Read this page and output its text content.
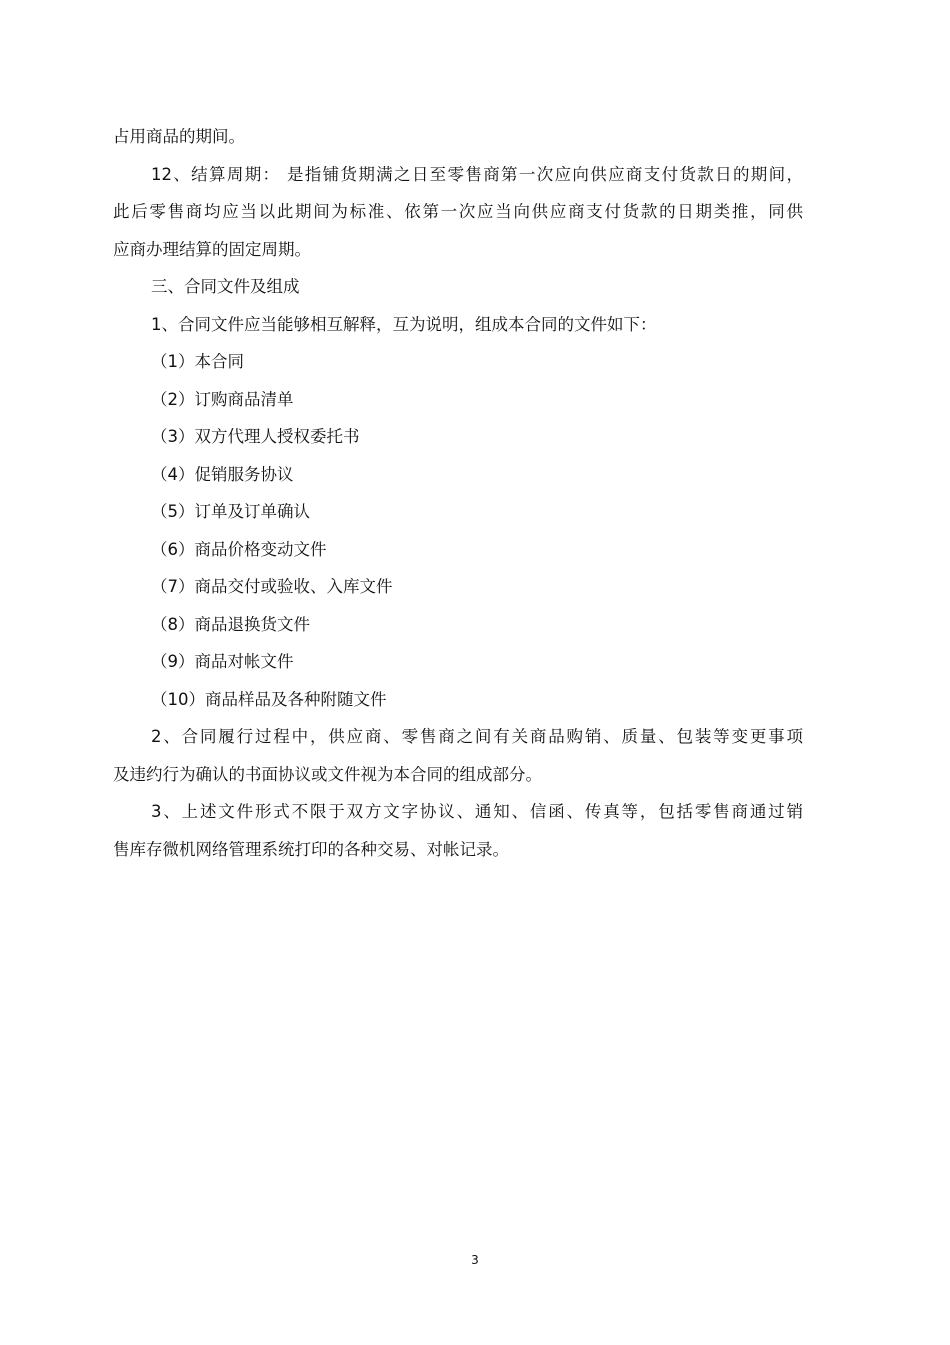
占用商品的期间。
12、结算周期： 是指铺货期满之日至零售商第一次应向供应商支付货款日的期间，
此后零售商均应当以此期间为标准、依第一次应当向供应商支付货款的日期类推，同供
应商办理结算的固定周期。
三、合同文件及组成
1、合同文件应当能够相互解释，互为说明，组成本合同的文件如下：
（1）本合同
（2）订购商品清单
（3）双方代理人授权委托书
（4）促销服务协议
（5）订单及订单确认
（6）商品价格变动文件
（7）商品交付或验收、入库文件
（8）商品退换货文件
（9）商品对帐文件
（10）商品样品及各种附随文件
2、合同履行过程中，供应商、零售商之间有关商品购销、质量、包装等变更事项
及违约行为确认的书面协议或文件视为本合同的组成部分。
3、上述文件形式不限于双方文字协议、通知、信函、传真等，包括零售商通过销
售库存微机网络管理系统打印的各种交易、对帐记录。
3
